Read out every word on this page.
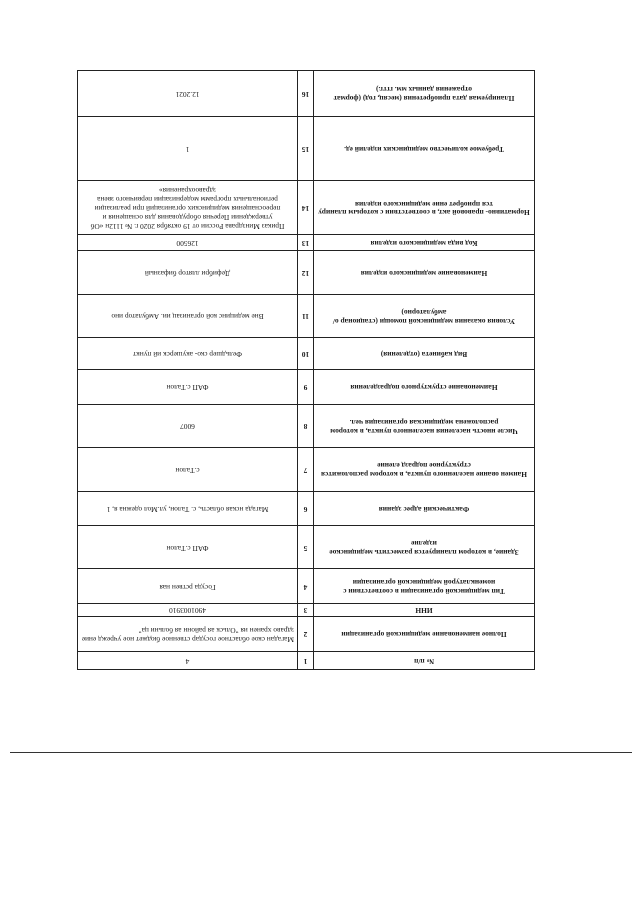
№ п/п	1	4
Полное наименование медицинской организации	2	Магадан ское областное государ ственное бюджет ное учрежд ение здраво хранен ия "Ольск ая районн ая больни ца"
ИНН	3	4901003910
Тип медицинской организации в соответствии с номенклатурой медицинской организации	4	Госуда рствен ная
Здание, в котором планируется разместить медицинское изделие	5	ФАП с.Талон
Фактический адрес здания	6	Магада нская область, с. Талон, ул.Мол одежна я, 1
Наимен ование населенного пункта, в котором расположится структурное подразд еление	7	с.Талон
Числе нность населения населенного пункта, в котором расположена медицинская организация чел.	8	6007
Наименование структурного подразделения	9	ФАП с.Талон
Вид кабинета (отделения)	10	Фельдшер ско- акушерск ий пункт
Условия оказания медицинской помощи (стационар о/амбулаторно)	11	Вне медицинс кой организац ии. Амбулатор ино
Наименование медицинского изделия	12	Дефибри ллятор бифазный
Код вида медицинского изделия	13	126500
Нормативно- правовой акт, в соответствии с которым планиру тся приобрет ение медицинского изделия	14	Приказ Минздрава России от 19 октября 2020 г. № 1112н «Об утверждении Перечня оборудования для оснащения и переоснащения медицинских организаций при реализации региональных программ модернизации первичного звена здравоохранения»
Требуемое количество медицинских изделий ед.	15	1
Планируемая дата приобретения (месяц, год) (формат отражения данных мм. гггг.)	16	12.2021
